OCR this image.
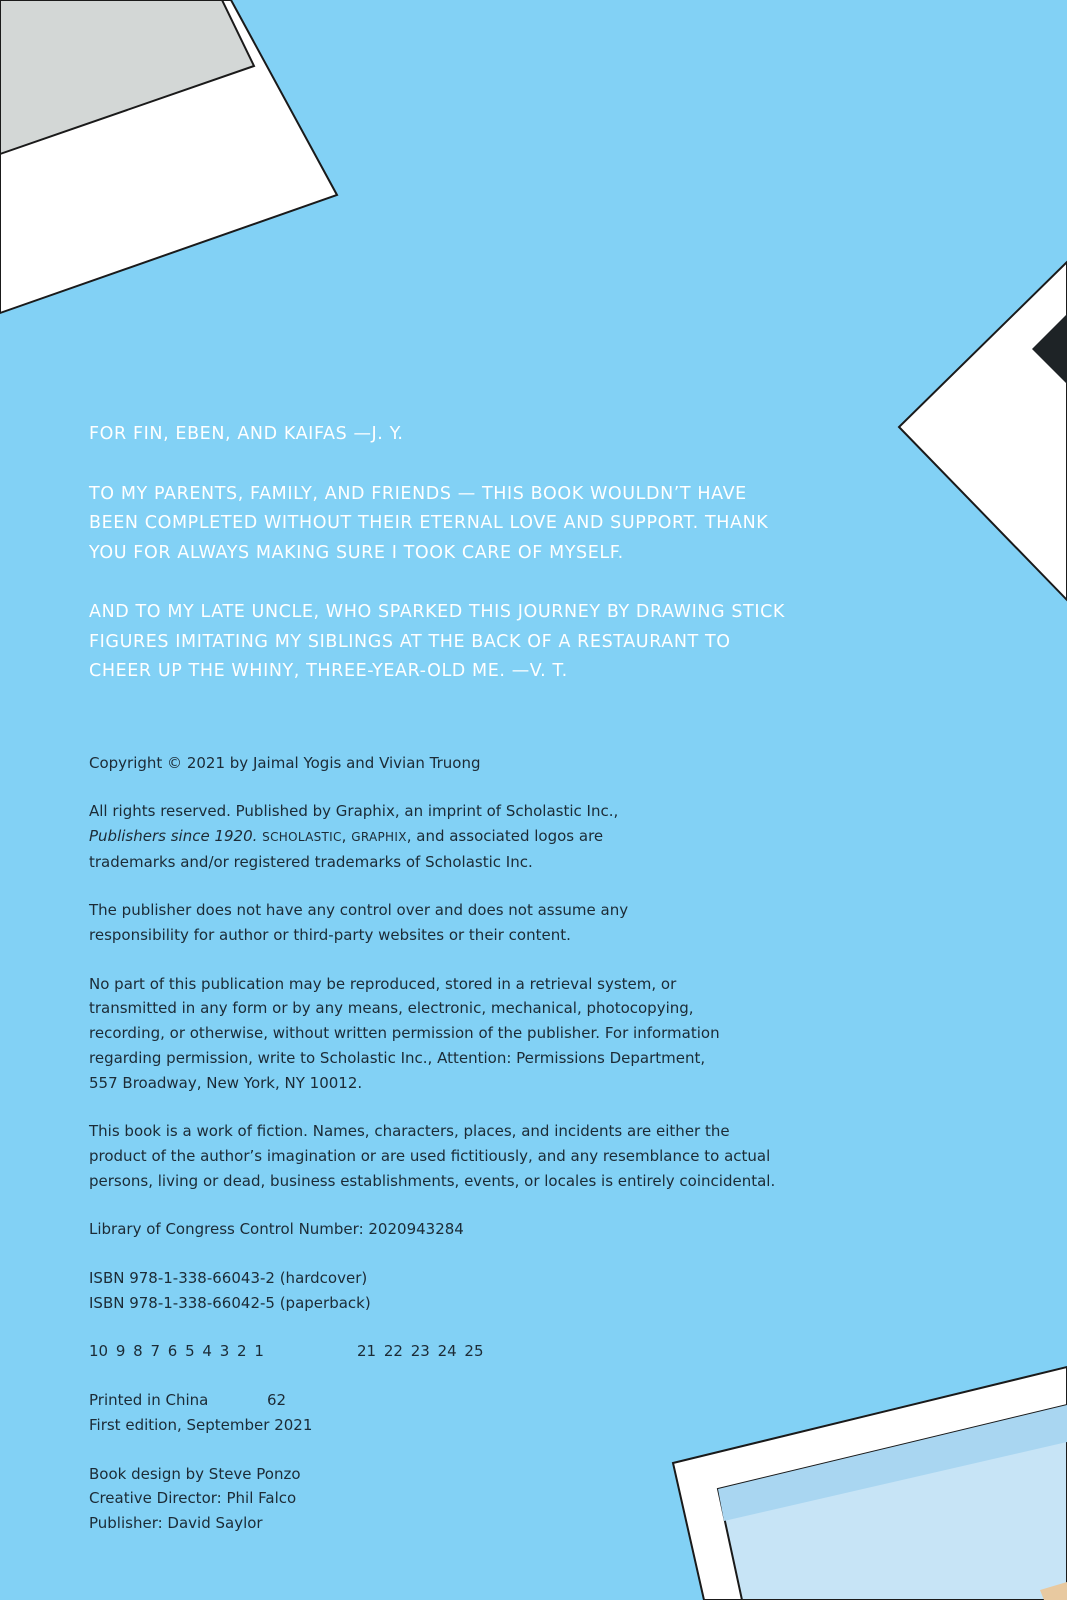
FOR FIN, EBEN, AND KAIFAS —J. Y.

TO MY PARENTS, FAMILY, AND FRIENDS — THIS BOOK WOULDN’T HAVE BEEN COMPLETED WITHOUT THEIR ETERNAL LOVE AND SUPPORT. THANK YOU FOR ALWAYS MAKING SURE I TOOK CARE OF MYSELF.

AND TO MY LATE UNCLE, WHO SPARKED THIS JOURNEY BY DRAWING STICK FIGURES IMITATING MY SIBLINGS AT THE BACK OF A RESTAURANT TO CHEER UP THE WHINY, THREE-YEAR-OLD ME. —V. T.

Copyright © 2021 by Jaimal Yogis and Vivian Truong

All rights reserved. Published by Graphix, an imprint of Scholastic Inc.,

Publishers since 1920. SCHOLASTIC, GRAPHIX, and associated logos are

trademarks and/or registered trademarks of Scholastic Inc.

The publisher does not have any control over and does not assume any

responsibility for author or third-party websites or their content.

No part of this publication may be reproduced, stored in a retrieval system, or

transmitted in any form or by any means, electronic, mechanical, photocopying,

recording, or otherwise, without written permission of the publisher. For information

regarding permission, write to Scholastic Inc., Attention: Permissions Department,

557 Broadway, New York, NY 10012.

This book is a work of fiction. Names, characters, places, and incidents are either the

product of the author’s imagination or are used fictitiously, and any resemblance to actual

persons, living or dead, business establishments, events, or locales is entirely coincidental.

Library of Congress Control Number: 2020943284

ISBN 978-1-338-66043-2 (hardcover)

ISBN 978-1-338-66042-5 (paperback)

10 9 8 7 6 5 4 3 2 1	21 22 23 24 25
Printed in China	62

First edition, September 2021

Book design by Steve Ponzo

Creative Director: Phil Falco

Publisher: David Saylor
